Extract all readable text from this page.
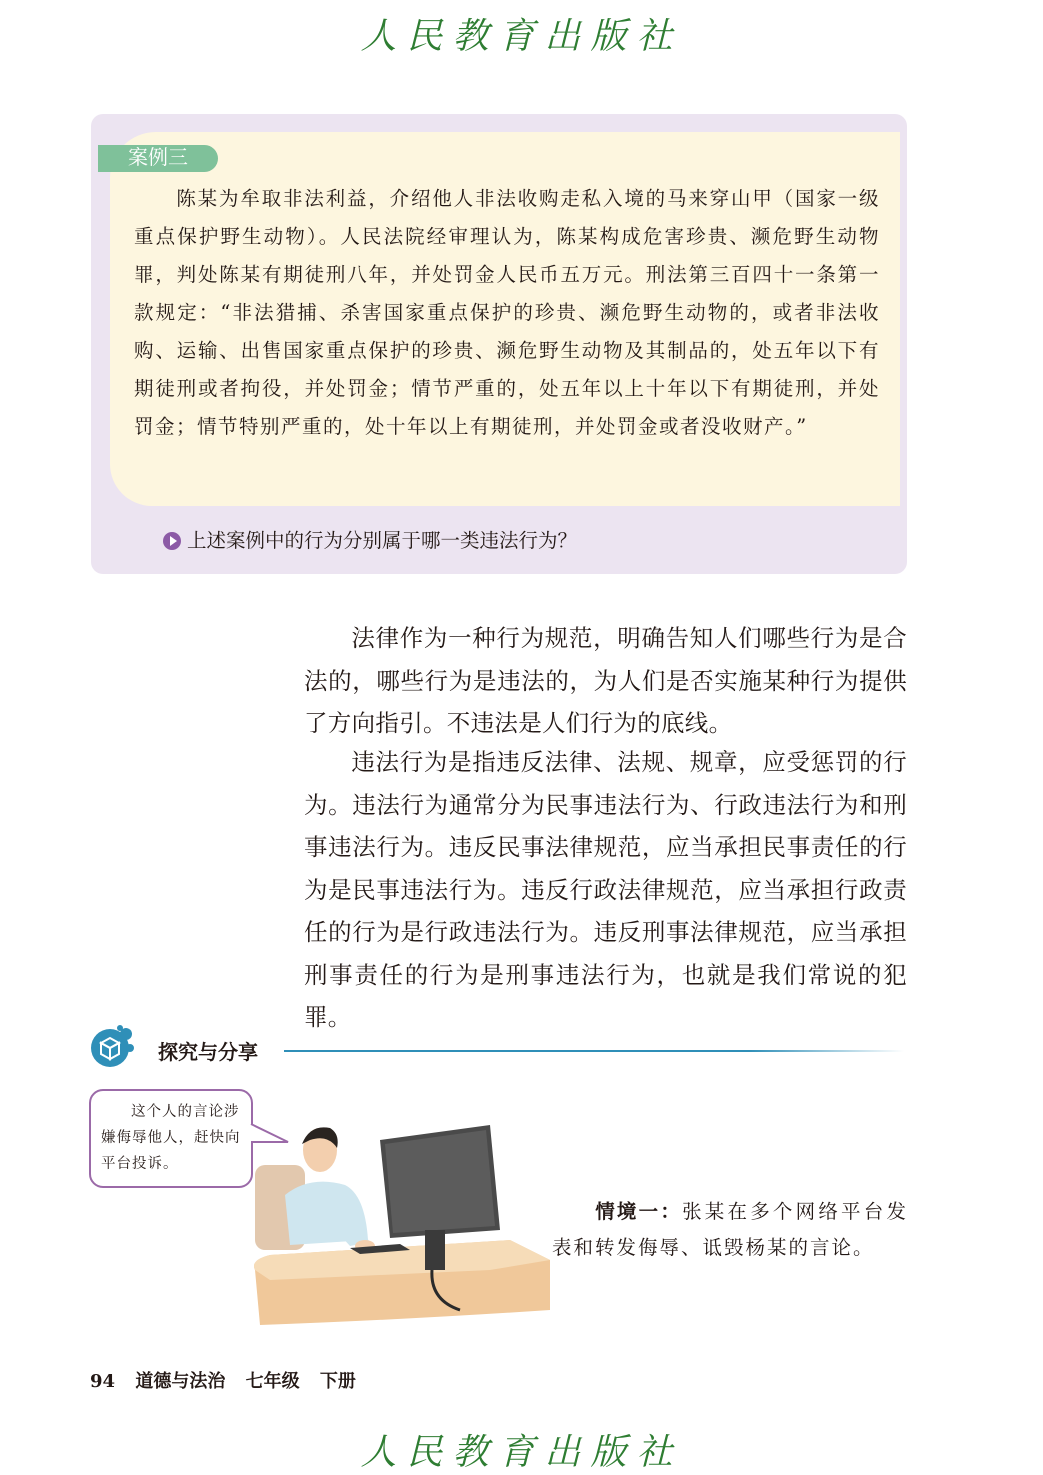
人民教育出版社
案例三

陈某为牟取非法利益，介绍他人非法收购走私入境的马来穿山甲（国家一级重点保护野生动物）。人民法院经审理认为，陈某构成危害珍贵、濒危野生动物罪，判处陈某有期徒刑八年，并处罚金人民币五万元。刑法第三百四十一条第一款规定：“非法猎捕、杀害国家重点保护的珍贵、濒危野生动物的，或者非法收购、运输、出售国家重点保护的珍贵、濒危野生动物及其制品的，处五年以下有期徒刑或者拘役，并处罚金；情节严重的，处五年以上十年以下有期徒刑，并处罚金；情节特别严重的，处十年以上有期徒刑，并处罚金或者没收财产。”

上述案例中的行为分别属于哪一类违法行为？

法律作为一种行为规范，明确告知人们哪些行为是合法的，哪些行为是违法的，为人们是否实施某种行为提供了方向指引。不违法是人们行为的底线。

违法行为是指违反法律、法规、规章，应受惩罚的行为。违法行为通常分为民事违法行为、行政违法行为和刑事违法行为。违反民事法律规范，应当承担民事责任的行为是民事违法行为。违反行政法律规范，应当承担行政责任的行为是行政违法行为。违反刑事法律规范，应当承担刑事责任的行为是刑事违法行为，也就是我们常说的犯罪。

探究与分享
这个人的言论涉嫌侮辱他人，赶快向平台投诉。

情境一：张某在多个网络平台发表和转发侮辱、诋毁杨某的言论。

94 道德与法治 七年级 下册
人民教育出版社
